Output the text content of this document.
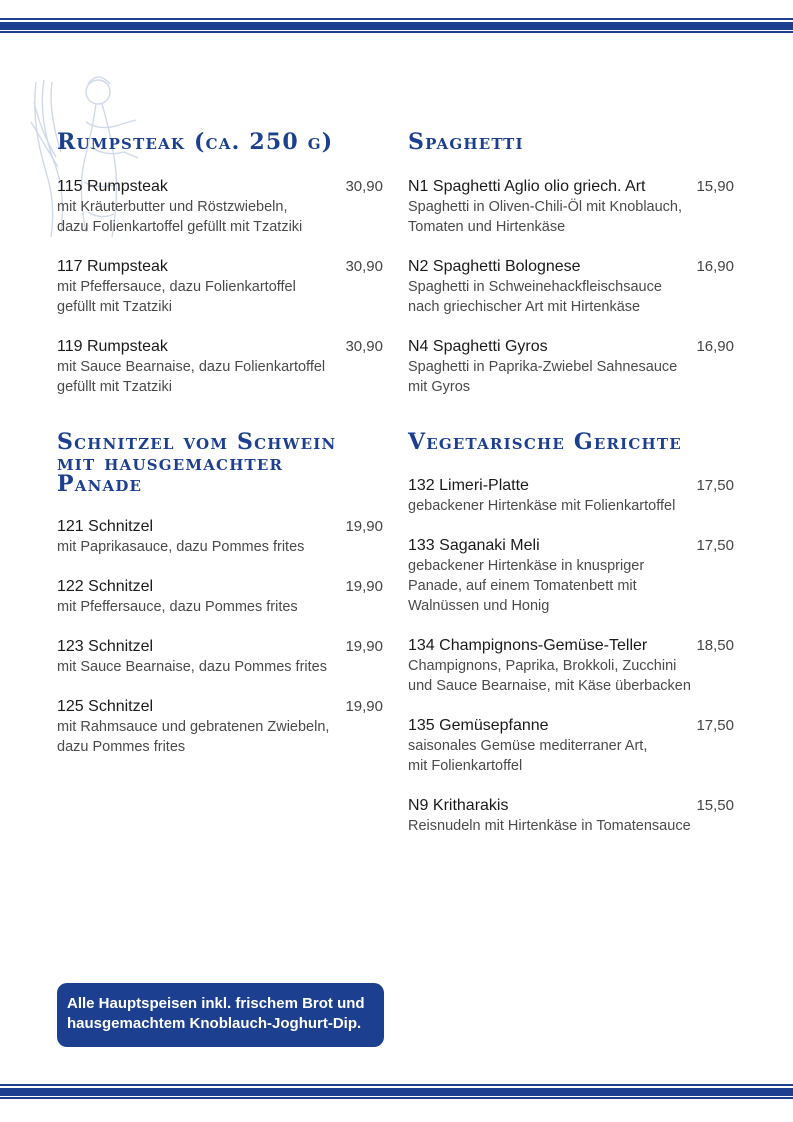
Rumpsteak (ca. 250 g)
115 Rumpsteak	30,90
mit Kräuterbutter und Röstzwiebeln,
dazu Folienkartoffel gefüllt mit Tzatziki
117 Rumpsteak	30,90
mit Pfeffersauce, dazu Folienkartoffel
gefüllt mit Tzatziki
119 Rumpsteak	30,90
mit Sauce Bearnaise, dazu Folienkartoffel
gefüllt mit Tzatziki
Schnitzel vom Schwein
mit hausgemachter
Panade
121 Schnitzel	19,90
mit Paprikasauce, dazu Pommes frites
122 Schnitzel	19,90
mit Pfeffersauce, dazu Pommes frites
123 Schnitzel	19,90
mit Sauce Bearnaise, dazu Pommes frites
125 Schnitzel	19,90
mit Rahmsauce und gebratenen Zwiebeln,
dazu Pommes frites
Spaghetti
N1 Spaghetti Aglio olio griech. Art	15,90
Spaghetti in Oliven-Chili-Öl mit Knoblauch,
Tomaten und Hirtenkäse
N2 Spaghetti Bolognese	16,90
Spaghetti in Schweinehackfleischsauce
nach griechischer Art mit Hirtenkäse
N4 Spaghetti Gyros	16,90
Spaghetti in Paprika-Zwiebel Sahnesauce
mit Gyros
Vegetarische Gerichte
132 Limeri-Platte	17,50
gebackener Hirtenkäse mit Folienkartoffel
133 Saganaki Meli	17,50
gebackener Hirtenkäse in knuspriger
Panade, auf einem Tomatenbett mit
Walnüssen und Honig
134 Champignons-Gemüse-Teller	18,50
Champignons, Paprika, Brokkoli, Zucchini
und Sauce Bearnaise, mit Käse überbacken
135 Gemüsepfanne	17,50
saisonales Gemüse mediterraner Art,
mit Folienkartoffel
N9 Kritharakis	15,50
Reisnudeln mit Hirtenkäse in Tomatensauce
Alle Hauptspeisen inkl. frischem Brot und
hausgemachtem Knoblauch-Joghurt-Dip.
